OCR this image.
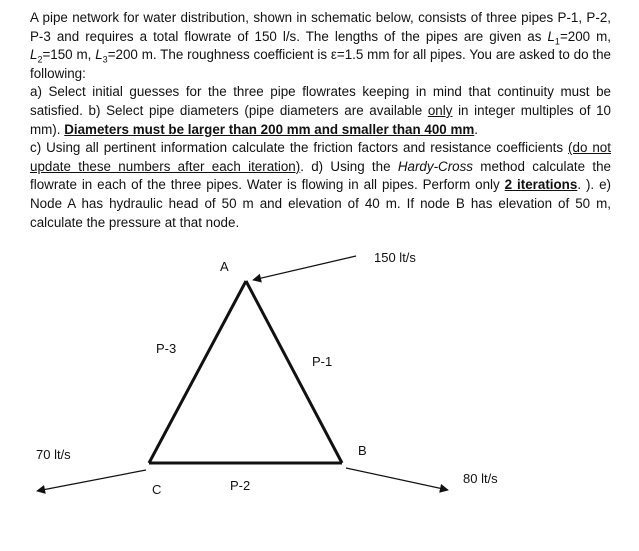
A pipe network for water distribution, shown in schematic below, consists of three pipes P-1, P-2, P-3 and requires a total flowrate of 150 l/s. The lengths of the pipes are given as $L_1=200$ m, $L_2=150$ m, $L_3=200$ m. The roughness coefficient is ε=1.5 mm for all pipes. You are asked to do the following:

a) Select initial guesses for the three pipe flowrates keeping in mind that continuity must be satisfied. b) Select pipe diameters (pipe diameters are available only in integer multiples of 10 mm). Diameters must be larger than 200 mm and smaller than 400 mm.
c) Using all pertinent information calculate the friction factors and resistance coefficients (do not update these numbers after each iteration). d) Using the Hardy-Cross method calculate the flowrate in each of the three pipes. Water is flowing in all pipes. Perform only 2 iterations. ). e) Node A has hydraulic head of 50 m and elevation of 40 m. If node B has elevation of 50 m, calculate the pressure at that node.

A
B
C
P-3
P-1
P-2
150 lt/s
70 lt/s
80 lt/s
